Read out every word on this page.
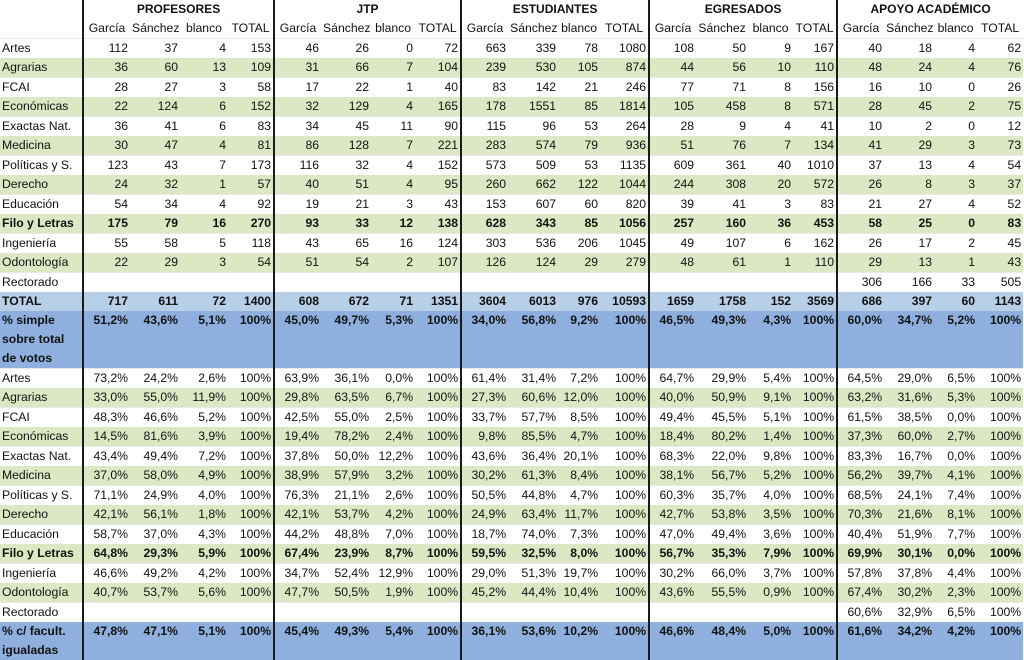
	PROFESORES				JTP				ESTUDIANTES				EGRESADOS				APOYO ACADÉMICO			
	García	Sánchez	blanco	TOTAL	García	Sánchez	blanco	TOTAL	García	Sánchez	blanco	TOTAL	García	Sánchez	blanco	TOTAL	García	Sánchez	blanco	TOTAL
Artes	112	37	4	153	46	26	0	72	663	339	78	1080	108	50	9	167	40	18	4	62
Agrarias	36	60	13	109	31	66	7	104	239	530	105	874	44	56	10	110	48	24	4	76
FCAI	28	27	3	58	17	22	1	40	83	142	21	246	77	71	8	156	16	10	0	26
Económicas	22	124	6	152	32	129	4	165	178	1551	85	1814	105	458	8	571	28	45	2	75
Exactas Nat.	36	41	6	83	34	45	11	90	115	96	53	264	28	9	4	41	10	2	0	12
Medicina	30	47	4	81	86	128	7	221	283	574	79	936	51	76	7	134	41	29	3	73
Políticas y S.	123	43	7	173	116	32	4	152	573	509	53	1135	609	361	40	1010	37	13	4	54
Derecho	24	32	1	57	40	51	4	95	260	662	122	1044	244	308	20	572	26	8	3	37
Educación	54	34	4	92	19	21	3	43	153	607	60	820	39	41	3	83	21	27	4	52
Filo y Letras	175	79	16	270	93	33	12	138	628	343	85	1056	257	160	36	453	58	25	0	83
Ingeniería	55	58	5	118	43	65	16	124	303	536	206	1045	49	107	6	162	26	17	2	45
Odontología	22	29	3	54	51	54	2	107	126	124	29	279	48	61	1	110	29	13	1	43
Rectorado																	306	166	33	505
TOTAL	717	611	72	1400	608	672	71	1351	3604	6013	976	10593	1659	1758	152	3569	686	397	60	1143
% simple sobre total de votos	51,2%	43,6%	5,1%	100%	45,0%	49,7%	5,3%	100%	34,0%	56,8%	9,2%	100%	46,5%	49,3%	4,3%	100%	60,0%	34,7%	5,2%	100%
Artes	73,2%	24,2%	2,6%	100%	63,9%	36,1%	0,0%	100%	61,4%	31,4%	7,2%	100%	64,7%	29,9%	5,4%	100%	64,5%	29,0%	6,5%	100%
Agrarias	33,0%	55,0%	11,9%	100%	29,8%	63,5%	6,7%	100%	27,3%	60,6%	12,0%	100%	40,0%	50,9%	9,1%	100%	63,2%	31,6%	5,3%	100%
FCAI	48,3%	46,6%	5,2%	100%	42,5%	55,0%	2,5%	100%	33,7%	57,7%	8,5%	100%	49,4%	45,5%	5,1%	100%	61,5%	38,5%	0,0%	100%
Económicas	14,5%	81,6%	3,9%	100%	19,4%	78,2%	2,4%	100%	9,8%	85,5%	4,7%	100%	18,4%	80,2%	1,4%	100%	37,3%	60,0%	2,7%	100%
Exactas Nat.	43,4%	49,4%	7,2%	100%	37,8%	50,0%	12,2%	100%	43,6%	36,4%	20,1%	100%	68,3%	22,0%	9,8%	100%	83,3%	16,7%	0,0%	100%
Medicina	37,0%	58,0%	4,9%	100%	38,9%	57,9%	3,2%	100%	30,2%	61,3%	8,4%	100%	38,1%	56,7%	5,2%	100%	56,2%	39,7%	4,1%	100%
Políticas y S.	71,1%	24,9%	4,0%	100%	76,3%	21,1%	2,6%	100%	50,5%	44,8%	4,7%	100%	60,3%	35,7%	4,0%	100%	68,5%	24,1%	7,4%	100%
Derecho	42,1%	56,1%	1,8%	100%	42,1%	53,7%	4,2%	100%	24,9%	63,4%	11,7%	100%	42,7%	53,8%	3,5%	100%	70,3%	21,6%	8,1%	100%
Educación	58,7%	37,0%	4,3%	100%	44,2%	48,8%	7,0%	100%	18,7%	74,0%	7,3%	100%	47,0%	49,4%	3,6%	100%	40,4%	51,9%	7,7%	100%
Filo y Letras	64,8%	29,3%	5,9%	100%	67,4%	23,9%	8,7%	100%	59,5%	32,5%	8,0%	100%	56,7%	35,3%	7,9%	100%	69,9%	30,1%	0,0%	100%
Ingeniería	46,6%	49,2%	4,2%	100%	34,7%	52,4%	12,9%	100%	29,0%	51,3%	19,7%	100%	30,2%	66,0%	3,7%	100%	57,8%	37,8%	4,4%	100%
Odontología	40,7%	53,7%	5,6%	100%	47,7%	50,5%	1,9%	100%	45,2%	44,4%	10,4%	100%	43,6%	55,5%	0,9%	100%	67,4%	30,2%	2,3%	100%
Rectorado																	60,6%	32,9%	6,5%	100%
% c/ facult. igualadas	47,8%	47,1%	5,1%	100%	45,4%	49,3%	5,4%	100%	36,1%	53,6%	10,2%	100%	46,6%	48,4%	5,0%	100%	61,6%	34,2%	4,2%	100%
